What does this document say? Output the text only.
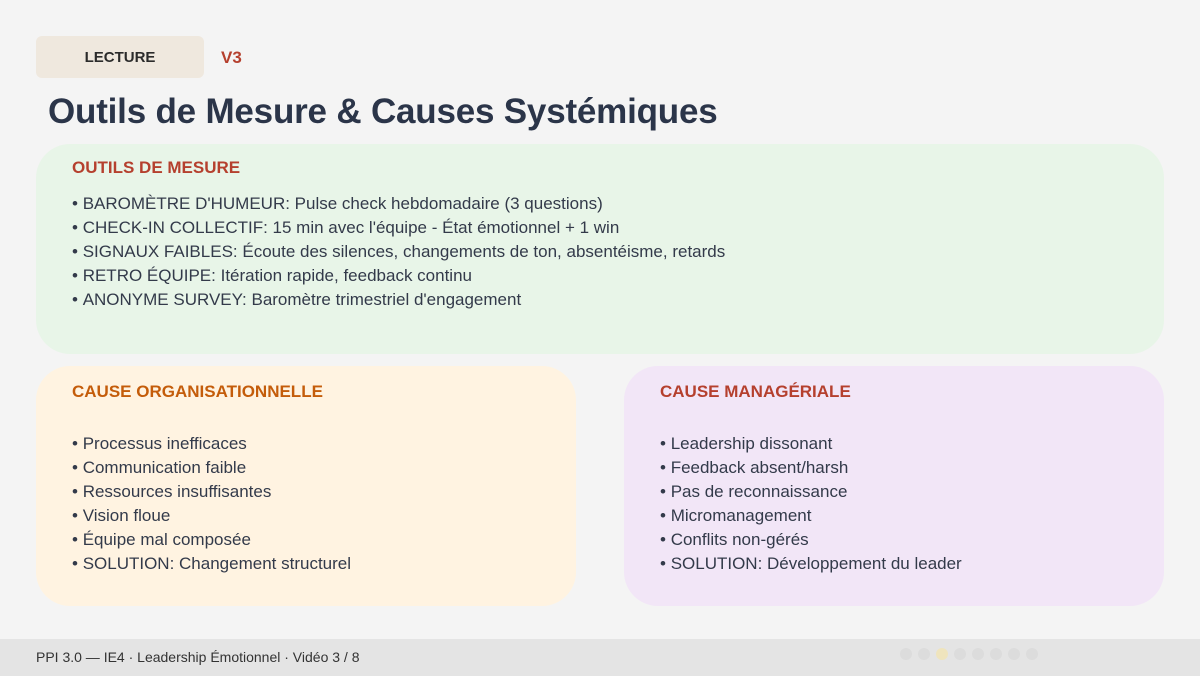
LECTURE	V3
Outils de Mesure & Causes Systémiques
OUTILS DE MESURE
• BAROMÈTRE D'HUMEUR: Pulse check hebdomadaire (3 questions)
• CHECK-IN COLLECTIF: 15 min avec l'équipe - État émotionnel + 1 win
• SIGNAUX FAIBLES: Écoute des silences, changements de ton, absentéisme, retards
• RETRO ÉQUIPE: Itération rapide, feedback continu
• ANONYME SURVEY: Baromètre trimestriel d'engagement
CAUSE ORGANISATIONNELLE
• Processus inefficaces
• Communication faible
• Ressources insuffisantes
• Vision floue
• Équipe mal composée
• SOLUTION: Changement structurel
CAUSE MANAGÉRIALE
• Leadership dissonant
• Feedback absent/harsh
• Pas de reconnaissance
• Micromanagement
• Conflits non-gérés
• SOLUTION: Développement du leader
PPI 3.0 — IE4 · Leadership Émotionnel · Vidéo 3 / 8
